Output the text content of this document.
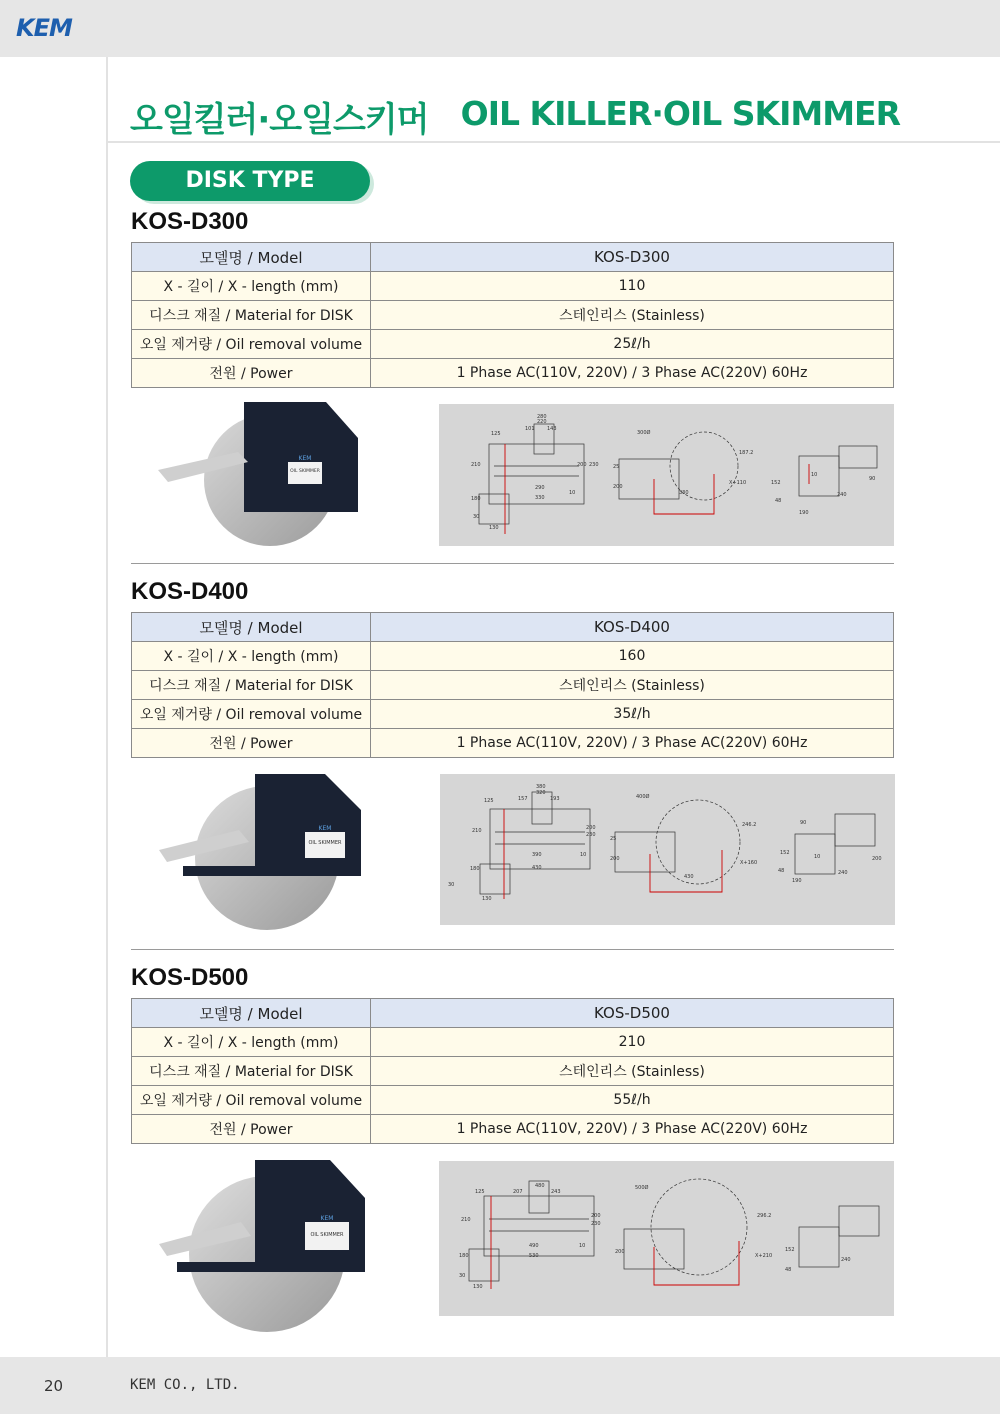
KEM
오일킬러·오일스키머 OIL KILLER·OIL SKIMMER
DISK TYPE
KOS-D300
모델명 / Model	KOS-D300
X - 길이 / X - length (mm)	110
디스크 재질 / Material for DISK	스테인리스 (Stainless)
오일 제거량 / Oil removal volume	25ℓ/h
전원 / Power	1 Phase AC(110V, 220V) / 3 Phase AC(220V) 60Hz
KEM
OIL SKIMMER
280
220
101 143
125
210	200 230
180
290
330
10
30
130
300Ø
25
200
330
X+110
187.2
152
10
240
190
48
90
KOS-D400
모델명 / Model	KOS-D400
X - 길이 / X - length (mm)	160
디스크 재질 / Material for DISK	스테인리스 (Stainless)
오일 제거량 / Oil removal volume	35ℓ/h
전원 / Power	1 Phase AC(110V, 220V) / 3 Phase AC(220V) 60Hz
KEM
OIL SKIMMER
380
320
157	193
125
210	200
230
180
390
430
10
30
130
400Ø
25
200
430
X+160
246.2	90
152
10
240
190
48
200
KOS-D500
모델명 / Model	KOS-D500
X - 길이 / X - length (mm)	210
디스크 재질 / Material for DISK	스테인리스 (Stainless)
오일 제거량 / Oil removal volume	55ℓ/h
전원 / Power	1 Phase AC(110V, 220V) / 3 Phase AC(220V) 60Hz
KEM
OIL SKIMMER
480
207	243
125
210
200
230
180
490
530
10
30
130
500Ø
200
X+210
296.2
152
48
240
20	KEM CO., LTD.
